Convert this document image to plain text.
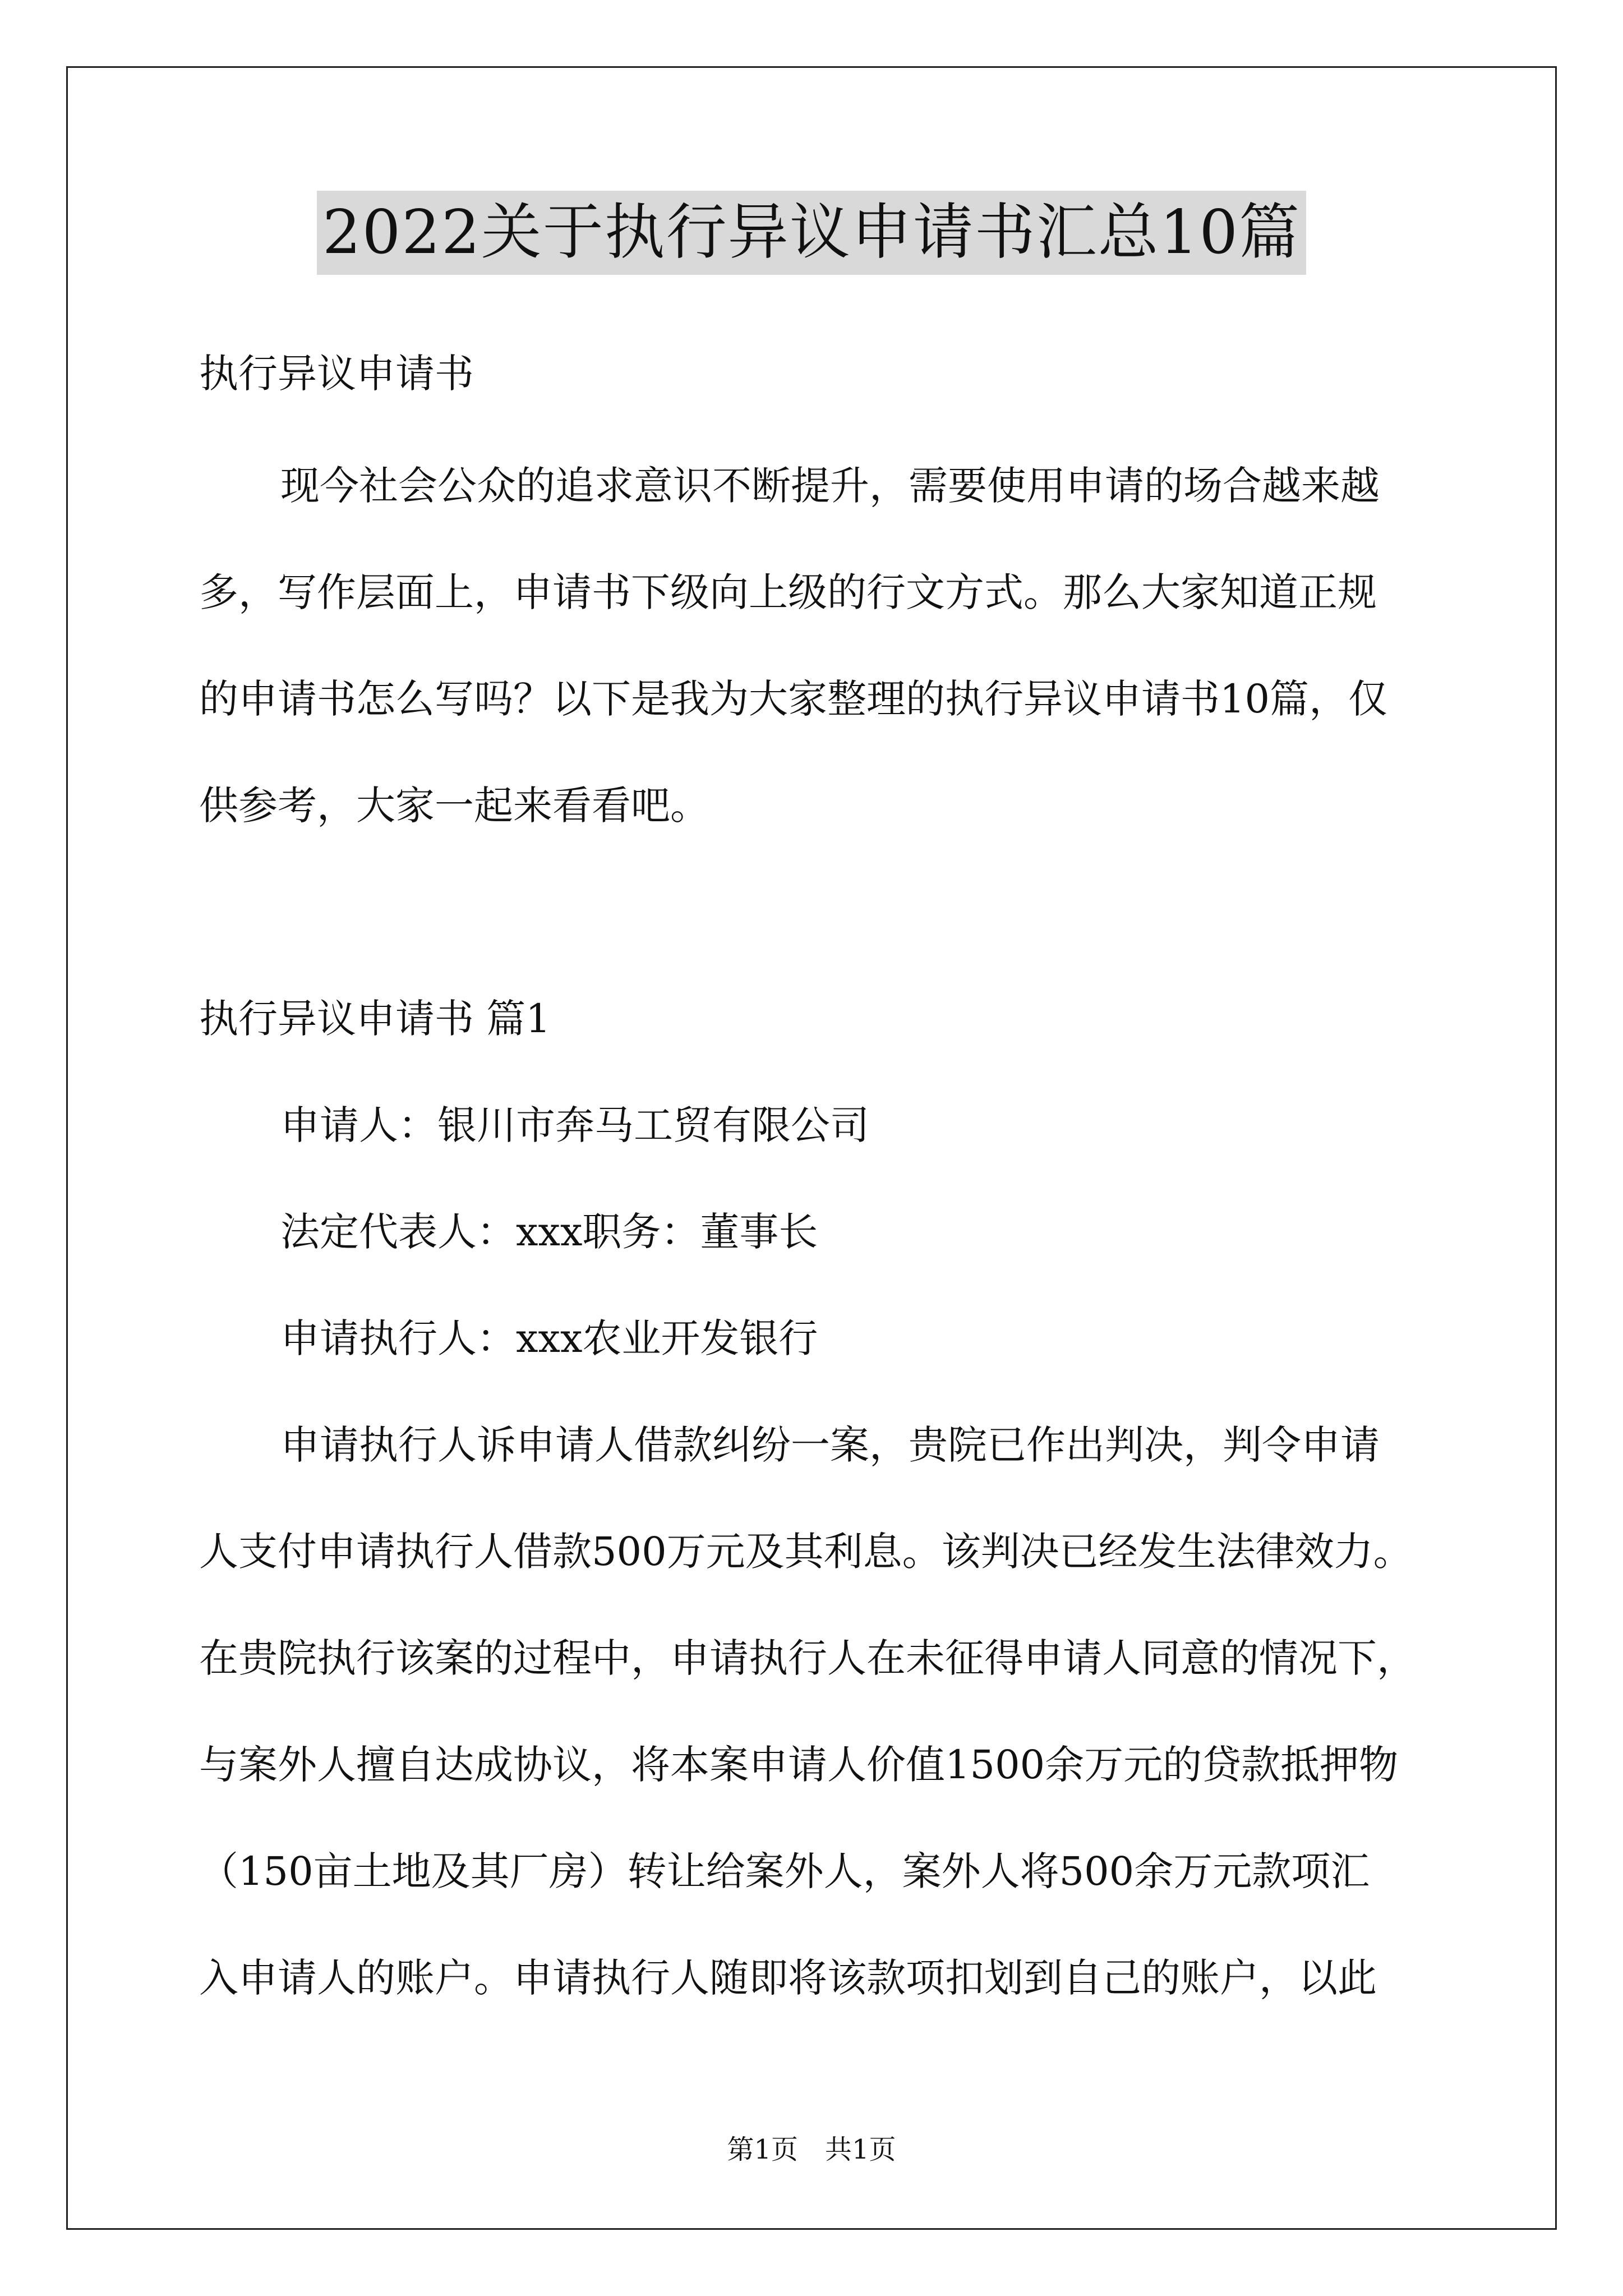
2022关于执行异议申请书汇总10篇
执行异议申请书
现今社会公众的追求意识不断提升，需要使用申请的场合越来越
多，写作层面上，申请书下级向上级的行文方式。那么大家知道正规
的申请书怎么写吗？以下是我为大家整理的执行异议申请书10篇，仅
供参考，大家一起来看看吧。
执行异议申请书 篇1
申请人：银川市奔马工贸有限公司
法定代表人：xxx职务：董事长
申请执行人：xxx农业开发银行
申请执行人诉申请人借款纠纷一案，贵院已作出判决，判令申请
人支付申请执行人借款500万元及其利息。该判决已经发生法律效力。
在贵院执行该案的过程中，申请执行人在未征得申请人同意的情况下，
与案外人擅自达成协议，将本案申请人价值1500余万元的贷款抵押物
（150亩土地及其厂房）转让给案外人，案外人将500余万元款项汇
入申请人的账户。申请执行人随即将该款项扣划到自己的账户，以此
第1页　共1页
